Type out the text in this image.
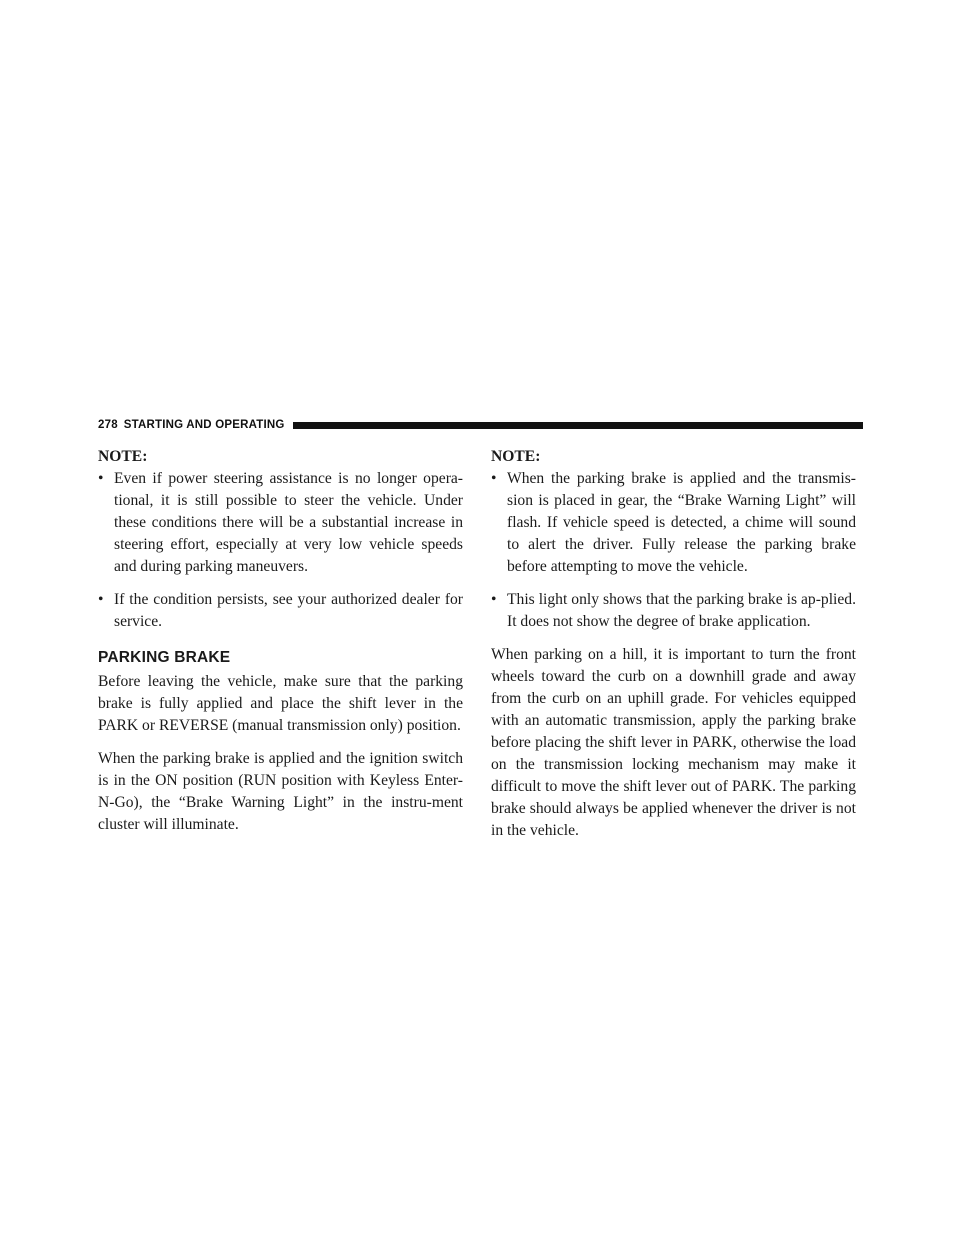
278 STARTING AND OPERATING

NOTE:

• Even if power steering assistance is no longer opera-tional, it is still possible to steer the vehicle. Under these conditions there will be a substantial increase in steering effort, especially at very low vehicle speeds and during parking maneuvers.
• If the condition persists, see your authorized dealer for service.
PARKING BRAKE

Before leaving the vehicle, make sure that the parking brake is fully applied and place the shift lever in the PARK or REVERSE (manual transmission only) position.

When the parking brake is applied and the ignition switch is in the ON position (RUN position with Keyless Enter-N-Go), the “Brake Warning Light” in the instru-ment cluster will illuminate.

NOTE:

• When the parking brake is applied and the transmis-sion is placed in gear, the “Brake Warning Light” will flash. If vehicle speed is detected, a chime will sound to alert the driver. Fully release the parking brake before attempting to move the vehicle.
• This light only shows that the parking brake is ap-plied. It does not show the degree of brake application.

When parking on a hill, it is important to turn the front wheels toward the curb on a downhill grade and away from the curb on an uphill grade. For vehicles equipped with an automatic transmission, apply the parking brake before placing the shift lever in PARK, otherwise the load on the transmission locking mechanism may make it difficult to move the shift lever out of PARK. The parking brake should always be applied whenever the driver is not in the vehicle.
